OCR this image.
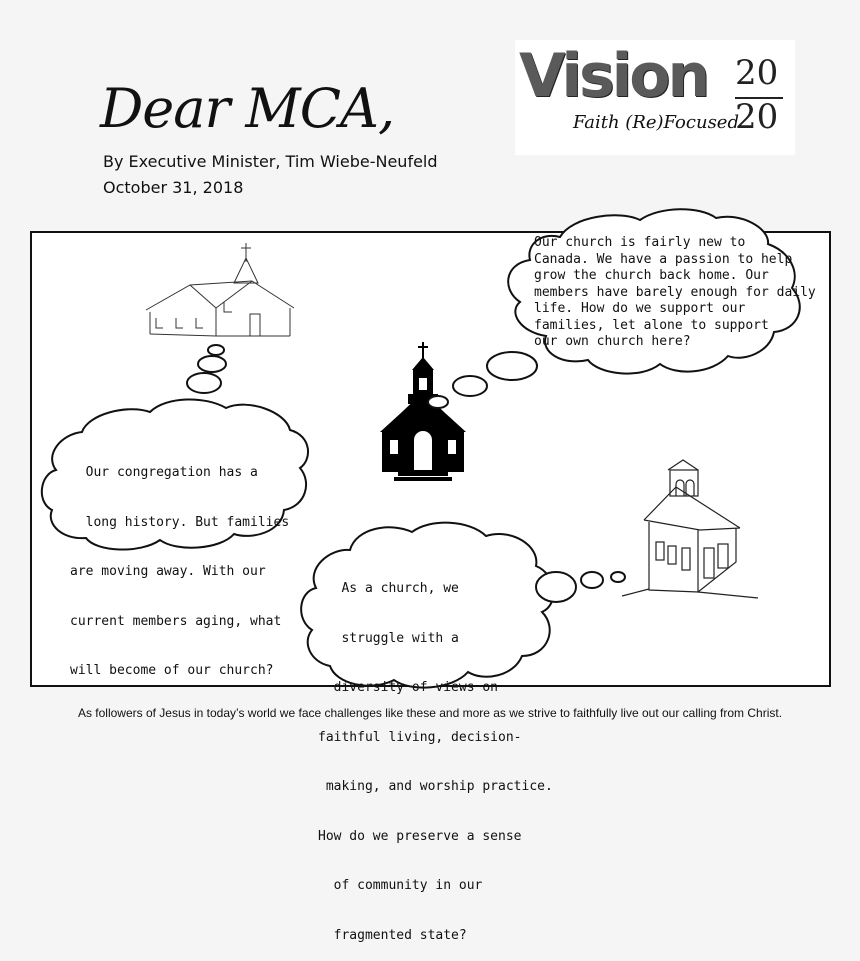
Dear MCA,
By Executive Minister, Tim Wiebe-Neufeld
October 31, 2018
Vision
Faith (Re)Focused
20
20
Our church is fairly new to
Canada. We have a passion to help
grow the church back home. Our
members have barely enough for daily
life. How do we support our
families, let alone to support
our own church here?

Our congregation has a

long history. But families

are moving away. With our

current members aging, what

will become of our church?

As a church, we

struggle with a

diversity of views on

faithful living, decision-

making, and worship practice.

How do we preserve a sense

of community in our

fragmented state?

As followers of Jesus in today’s world we face challenges like these and more as we strive to faithfully live out our calling from Christ.
